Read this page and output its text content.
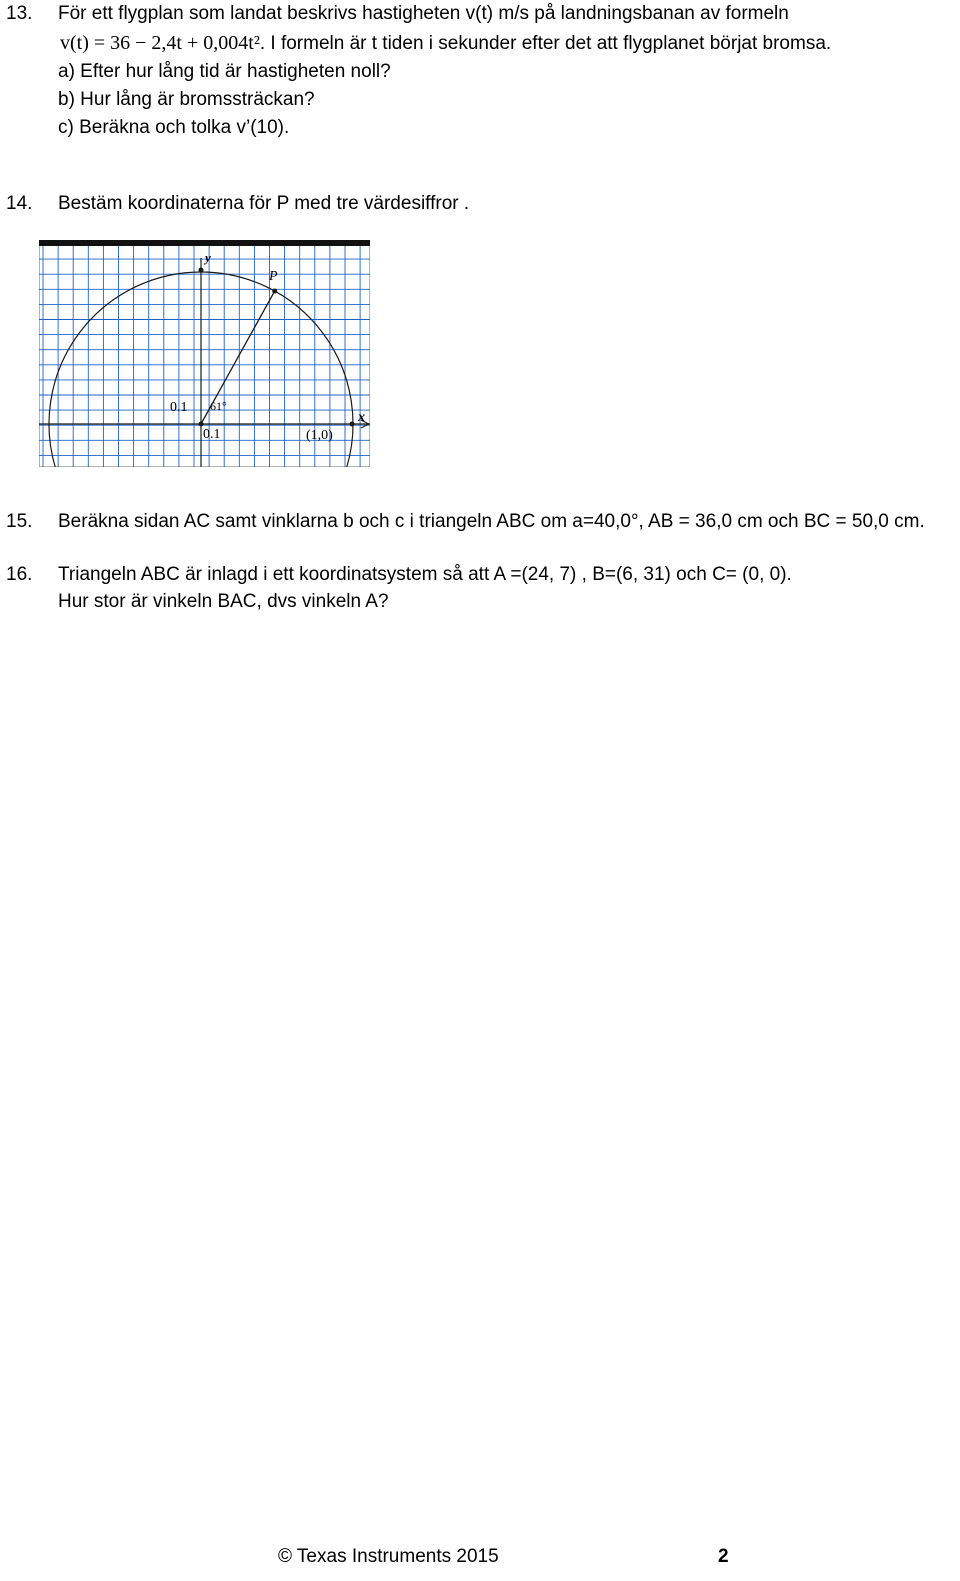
13. För ett flygplan som landat beskrivs hastigheten v(t) m/s på landningsbanan av formeln
v(t) = 36 − 2,4t + 0,004t². I formeln är t tiden i sekunder efter det att flygplanet börjat bromsa.
a) Efter hur lång tid är hastigheten noll?
b) Hur lång är bromssträckan?
c) Beräkna och tolka v’(10).
14. Bestäm koordinaterna för P med tre värdesiffror .
y
x
P
61°
0.1
0.1	(1,0)
15. Beräkna sidan AC samt vinklarna b och c i triangeln ABC om a=40,0°, AB = 36,0 cm och BC = 50,0 cm.
16. Triangeln ABC är inlagd i ett koordinatsystem så att A =(24, 7) , B=(6, 31) och C= (0, 0).
Hur stor är vinkeln BAC, dvs vinkeln A?
© Texas Instruments 2015	2
